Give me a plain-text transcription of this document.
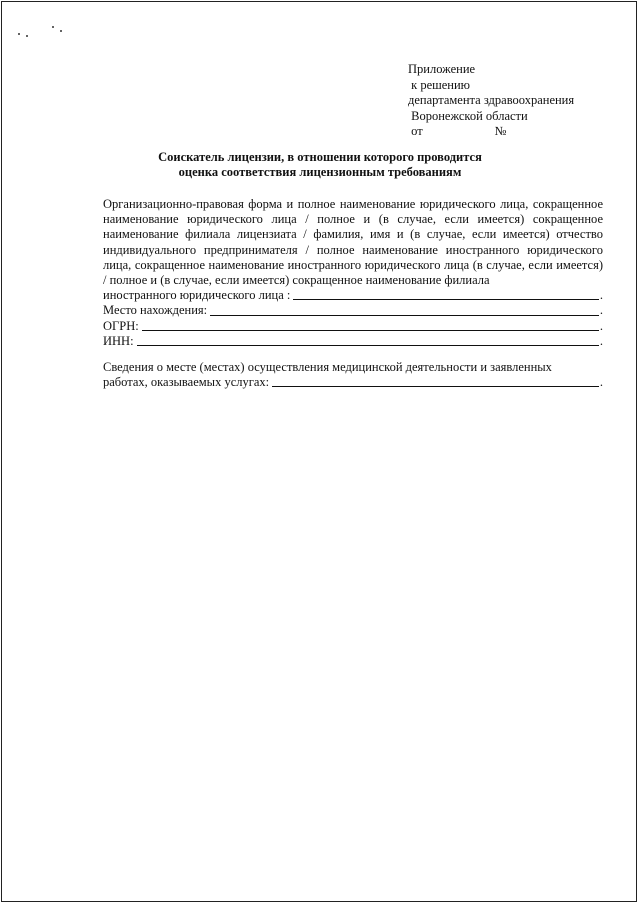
Приложение
к решению
департамента здравоохранения
Воронежской области
от                       №
Соискатель лицензии, в отношении которого проводится
оценка соответствия лицензионным требованиям
Организационно-правовая форма и полное наименование юридического лица, сокращенное наименование юридического лица / полное и (в случае, если имеется) сокращенное наименование филиала лицензиата / фамилия, имя и (в случае, если имеется) отчество индивидуального предпринимателя / полное наименование иностранного юридического лица, сокращенное наименование иностранного юридического лица (в случае, если имеется) / полное и (в случае, если имеется) сокращенное наименование филиала
иностранного юридического лица :	.
Место нахождения:	.
ОГРН:	.
ИНН:	.
Сведения о месте (местах) осуществления медицинской деятельности и заявленных
работах, оказываемых услугах:	.
